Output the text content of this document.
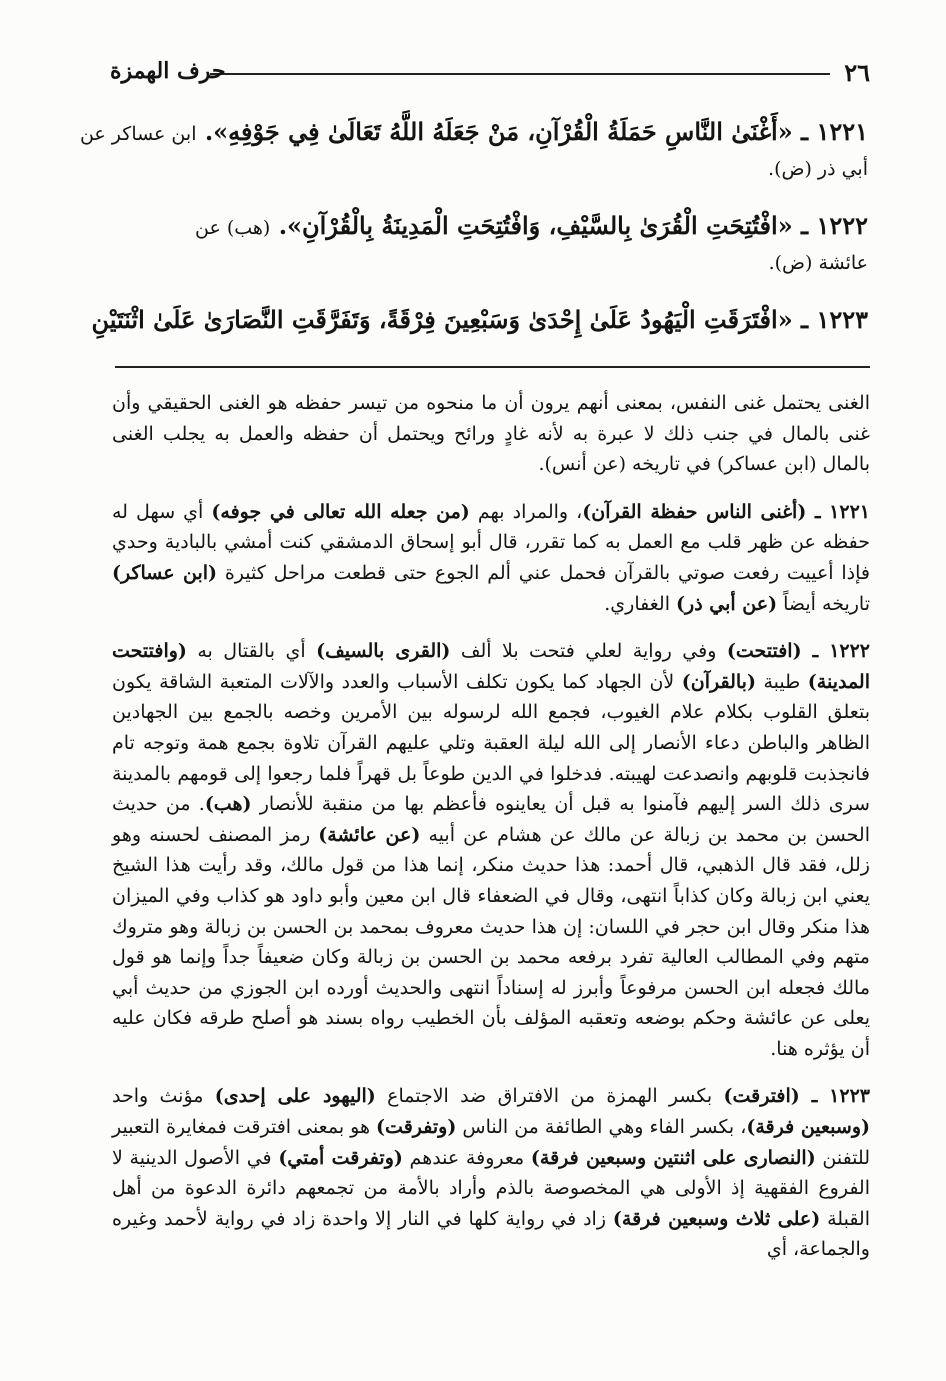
٢٦
حرف الهمزة
١٢٢١ ـ «أَغْنَىٰ النَّاسِ حَمَلَةُ الْقُرْآنِ، مَنْ جَعَلَهُ اللَّهُ تَعَالَىٰ فِي جَوْفِهِ». ابن عساكر عن
أبي ذر (ض).
١٢٢٢ ـ «افْتُتِحَتِ الْقُرَىٰ بِالسَّيْفِ، وَافْتُتِحَتِ الْمَدِينَةُ بِالْقُرْآنِ». (هب) عن
عائشة (ض).
١٢٢٣ ـ «افْتَرَقَتِ الْيَهُودُ عَلَىٰ إِحْدَىٰ وَسَبْعِينَ فِرْقَةً، وَتَفَرَّقَتِ النَّصَارَىٰ عَلَىٰ اثْنَتَيْنِ

الغنى يحتمل غنى النفس، بمعنى أنهم يرون أن ما منحوه من تيسر حفظه هو الغنى الحقيقي وأن غنى بالمال في جنب ذلك لا عبرة به لأنه غادٍ ورائح ويحتمل أن حفظه والعمل به يجلب الغنى بالمال (ابن عساكر) في تاريخه (عن أنس).

١٢٢١ ـ (أغنى الناس حفظة القرآن)، والمراد بهم (من جعله الله تعالى في جوفه) أي سهل له حفظه عن ظهر قلب مع العمل به كما تقرر، قال أبو إسحاق الدمشقي كنت أمشي بالبادية وحدي فإذا أعييت رفعت صوتي بالقرآن فحمل عني ألم الجوع حتى قطعت مراحل كثيرة (ابن عساكر) تاريخه أيضاً (عن أبي ذر) الغفاري.

١٢٢٢ ـ (افتتحت) وفي رواية لعلي فتحت بلا ألف (القرى بالسيف) أي بالقتال به (وافتتحت المدينة) طيبة (بالقرآن) لأن الجهاد كما يكون تكلف الأسباب والعدد والآلات المتعبة الشاقة يكون بتعلق القلوب بكلام علام الغيوب، فجمع الله لرسوله بين الأمرين وخصه بالجمع بين الجهادين الظاهر والباطن دعاء الأنصار إلى الله ليلة العقبة وتلي عليهم القرآن تلاوة بجمع همة وتوجه تام فانجذبت قلوبهم وانصدعت لهيبته. فدخلوا في الدين طوعاً بل قهراً فلما رجعوا إلى قومهم بالمدينة سرى ذلك السر إليهم فآمنوا به قبل أن يعاينوه فأعظم بها من منقبة للأنصار (هب). من حديث الحسن بن محمد بن زبالة عن مالك عن هشام عن أبيه (عن عائشة) رمز المصنف لحسنه وهو زلل، فقد قال الذهبي، قال أحمد: هذا حديث منكر، إنما هذا من قول مالك، وقد رأيت هذا الشيخ يعني ابن زبالة وكان كذاباً انتهى، وقال في الضعفاء قال ابن معين وأبو داود هو كذاب وفي الميزان هذا منكر وقال ابن حجر في اللسان: إن هذا حديث معروف بمحمد بن الحسن بن زبالة وهو متروك متهم وفي المطالب العالية تفرد برفعه محمد بن الحسن بن زبالة وكان ضعيفاً جداً وإنما هو قول مالك فجعله ابن الحسن مرفوعاً وأبرز له إسناداً انتهى والحديث أورده ابن الجوزي من حديث أبي يعلى عن عائشة وحكم بوضعه وتعقبه المؤلف بأن الخطيب رواه بسند هو أصلح طرقه فكان عليه أن يؤثره هنا.

١٢٢٣ ـ (افترقت) بكسر الهمزة من الافتراق ضد الاجتماع (اليهود على إحدى) مؤنث واحد (وسبعين فرقة)، بكسر الفاء وهي الطائفة من الناس (وتفرقت) هو بمعنى افترقت فمغايرة التعبير للتفنن (النصارى على اثنتين وسبعين فرقة) معروفة عندهم (وتفرقت أمتي) في الأصول الدينية لا الفروع الفقهية إذ الأولى هي المخصوصة بالذم وأراد بالأمة من تجمعهم دائرة الدعوة من أهل القبلة (على ثلاث وسبعين فرقة) زاد في رواية كلها في النار إلا واحدة زاد في رواية لأحمد وغيره والجماعة، أي
